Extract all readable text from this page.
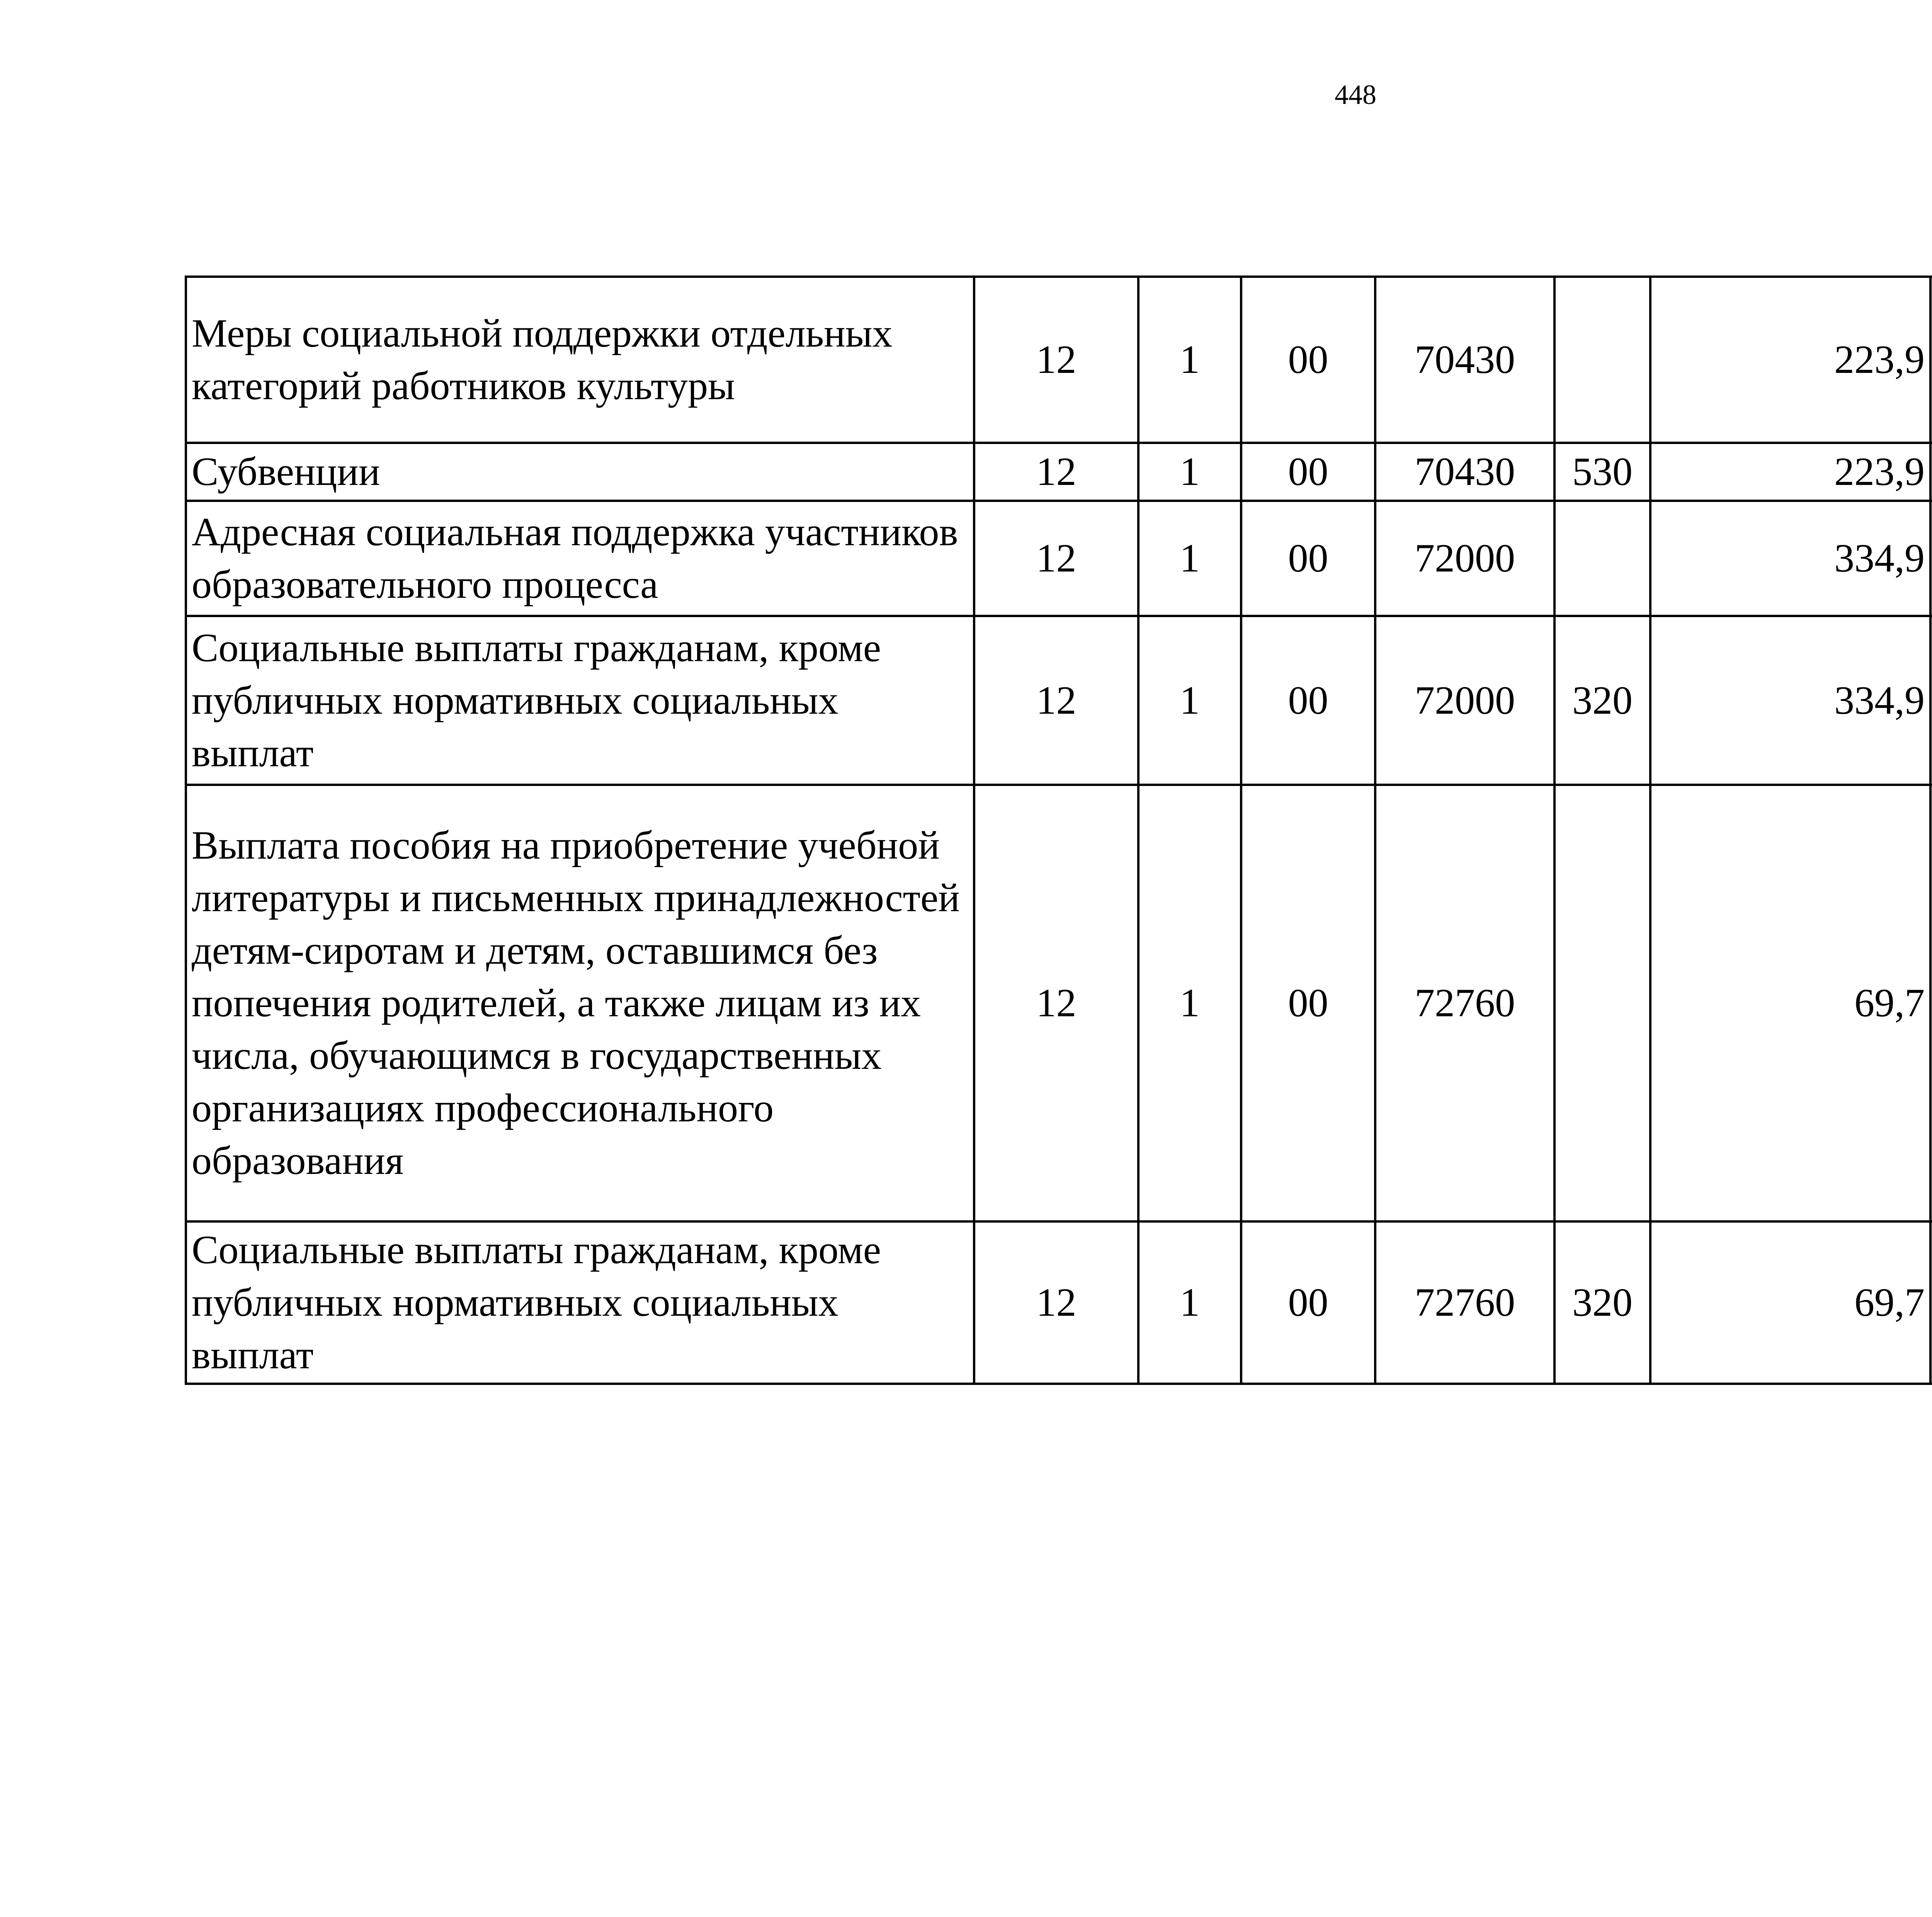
448
Меры социальной поддержки отдельных категорий работников культуры	12	1	00	70430		223,9		
Субвенции	12	1	00	70430	530	223,9		
Адресная социальная поддержка участников образовательного процесса	12	1	00	72000		334,9		
Социальные выплаты гражданам, кроме публичных нормативных социальных выплат	12	1	00	72000	320	334,9		
Выплата пособия на приобретение учебной литературы и письменных принадлежностей детям-сиротам и детям, оставшимся без попечения родителей, а также лицам из их числа, обучающимся в государственных организациях профессионального образования	12	1	00	72760		69,7		
Социальные выплаты гражданам, кроме публичных нормативных социальных выплат	12	1	00	72760	320	69,7		
